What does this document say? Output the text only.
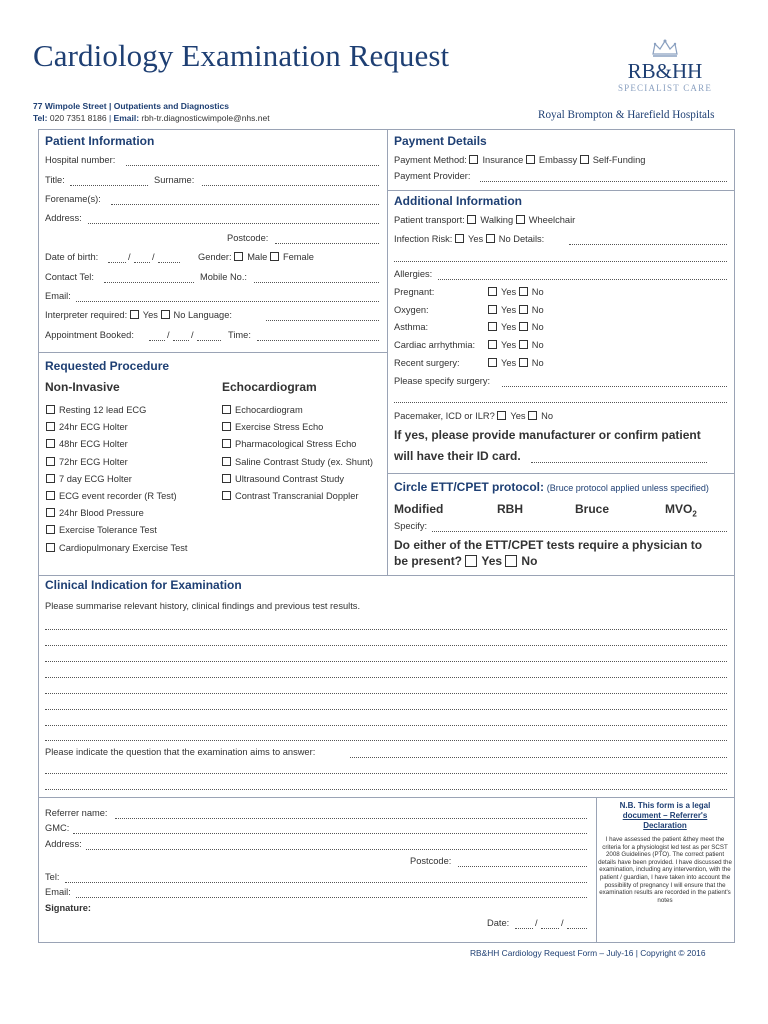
Cardiology Examination Request
77 Wimpole Street | Outpatients and Diagnostics
Tel: 020 7351 8186 | Email: rbh-tr.diagnosticwimpole@nhs.net
RB&HH
SPECIALIST CARE
Royal Brompton & Harefield Hospitals
Patient Information
Hospital number:
Title:	Surname:
Forename(s):
Address:
Postcode:
Date of birth:	/ /	Gender: Male Female
Contact Tel:	Mobile No.:
Email:
Interpreter required: Yes No Language:
Appointment Booked:	/ /	Time:
Requested Procedure
Non-Invasive	Echocardiogram
Resting 12 lead ECG
24hr ECG Holter
48hr ECG Holter
72hr ECG Holter
7 day ECG Holter
ECG event recorder (R Test)
24hr Blood Pressure
Exercise Tolerance Test
Cardiopulmonary Exercise Test
Echocardiogram
Exercise Stress Echo
Pharmacological Stress Echo
Saline Contrast Study (ex. Shunt)
Ultrasound Contrast Study
Contrast Transcranial Doppler
Payment Details
Payment Method: Insurance Embassy Self-Funding
Payment Provider:
Additional Information
Patient transport: Walking Wheelchair
Infection Risk: Yes No Details:
Allergies:
Pregnant:	Yes No
Oxygen:	Yes No
Asthma:	Yes No
Cardiac arrhythmia:	Yes No
Recent surgery:	Yes No
Please specify surgery:
Pacemaker, ICD or ILR? Yes No
If yes, please provide manufacturer or confirm patient
will have their ID card.
Circle ETT/CPET protocol: (Bruce protocol applied unless specified)
Modified	RBH	Bruce	$MVO_2$
Specify:
Do either of the ETT/CPET tests require a physician to
be present? Yes No
Clinical Indication for Examination
Please summarise relevant history, clinical findings and previous test results.
Please indicate the question that the examination aims to answer:
Referrer name:
GMC:
Address:
Postcode:
Tel:
Email:
Signature:
Date:	/	/
N.B. This form is a legal
document – Referrer's
Declaration
I have assessed the patient &they meet the criteria for a physiologist led test as per SCST 2008 Guidelines (PTO). The correct patient details have been provided. I have discussed the examination, including any intervention, with the patient / guardian, I have taken into account the possibility of pregnancy I will ensure that the examination results are recorded in the patient's notes
RB&HH Cardiology Request Form – July-16 | Copyright © 2016
